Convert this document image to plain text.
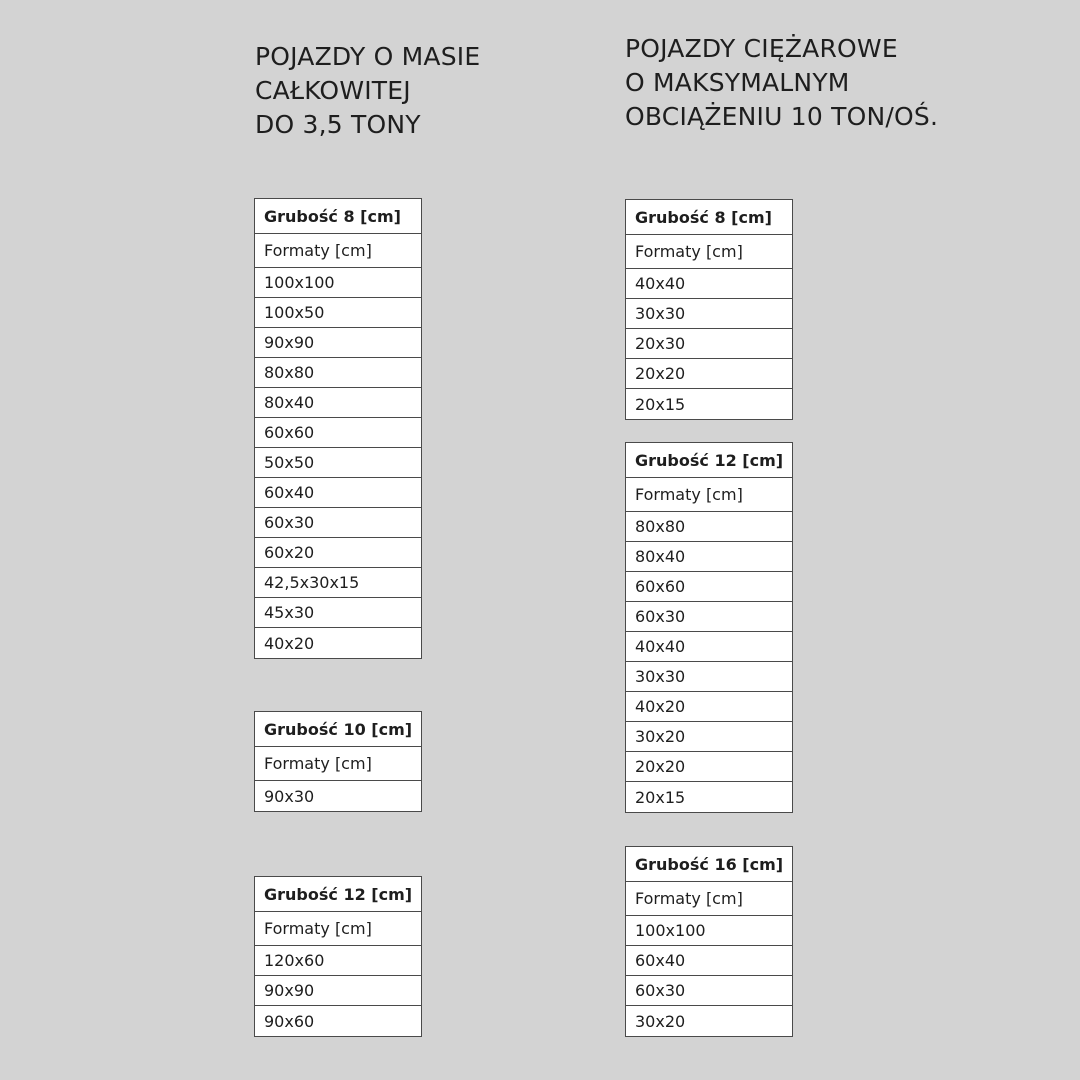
POJAZDY O MASIE
CAŁKOWITEJ
DO 3,5 TONY
POJAZDY CIĘŻAROWE
O MAKSYMALNYM
OBCIĄŻENIU 10 TON/OŚ.
Grubość 8 [cm]
Formaty [cm]
100x100
100x50
90x90
80x80
80x40
60x60
50x50
60x40
60x30
60x20
42,5x30x15
45x30
40x20
Grubość 10 [cm]
Formaty [cm]
90x30
Grubość 12 [cm]
Formaty [cm]
120x60
90x90
90x60
Grubość 8 [cm]
Formaty [cm]
40x40
30x30
20x30
20x20
20x15
Grubość 12 [cm]
Formaty [cm]
80x80
80x40
60x60
60x30
40x40
30x30
40x20
30x20
20x20
20x15
Grubość 16 [cm]
Formaty [cm]
100x100
60x40
60x30
30x20
